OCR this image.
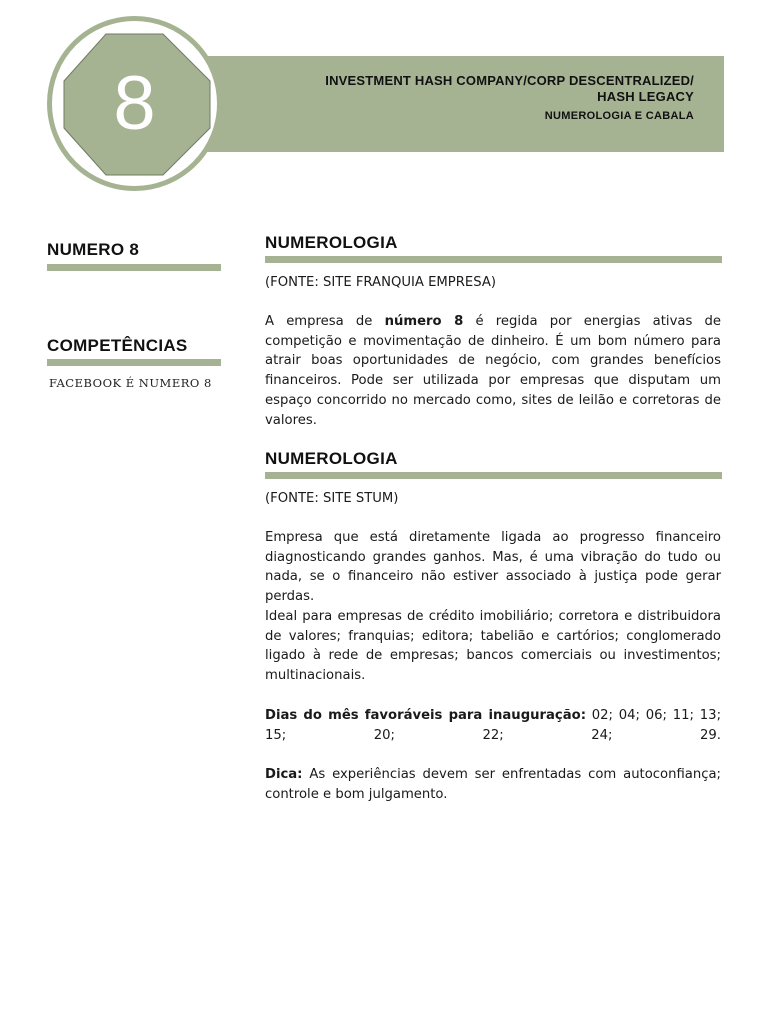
INVESTMENT HASH COMPANY/CORP DESCENTRALIZED/
HASH LEGACY
NUMEROLOGIA E CABALA
8
NUMERO 8
COMPETÊNCIAS
FACEBOOK É NUMERO 8
NUMEROLOGIA

(FONTE: SITE FRANQUIA EMPRESA)

A empresa de número 8 é regida por energias ativas de competição e movimentação de dinheiro. É um bom número para atrair boas oportunidades de negócio, com grandes benefícios financeiros. Pode ser utilizada por empresas que disputam um espaço concorrido no mercado como, sites de leilão e corretoras de valores.

NUMEROLOGIA

(FONTE: SITE STUM)

Empresa que está diretamente ligada ao progresso financeiro diagnosticando grandes ganhos. Mas, é uma vibração do tudo ou nada, se o financeiro não estiver associado à justiça pode gerar perdas.

Ideal para empresas de crédito imobiliário; corretora e distribuidora de valores; franquias; editora; tabelião e cartórios; conglomerado ligado à rede de empresas; bancos comerciais ou investimentos; multinacionais.

Dias do mês favoráveis para inauguração: 02; 04; 06; 11; 13; 15; 20; 22; 24; 29.

Dica: As experiências devem ser enfrentadas com autoconfiança; controle e bom julgamento.
